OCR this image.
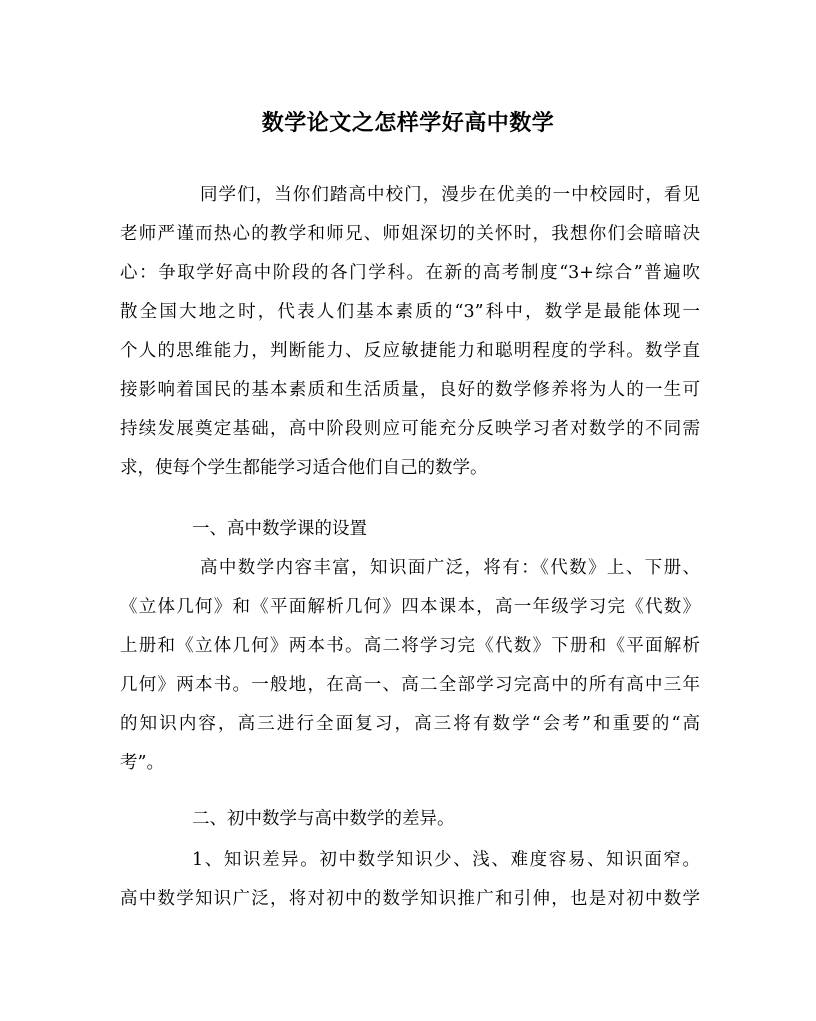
数学论文之怎样学好高中数学
同学们，当你们踏高中校门，漫步在优美的一中校园时，看见
老师严谨而热心的教学和师兄、师姐深切的关怀时，我想你们会暗暗决
心：争取学好高中阶段的各门学科。在新的高考制度“3+综合”普遍吹
散全国大地之时，代表人们基本素质的“3”科中，数学是最能体现一
个人的思维能力，判断能力、反应敏捷能力和聪明程度的学科。数学直
接影响着国民的基本素质和生活质量，良好的数学修养将为人的一生可
持续发展奠定基础，高中阶段则应可能充分反映学习者对数学的不同需
求，使每个学生都能学习适合他们自己的数学。
一、高中数学课的设置
高中数学内容丰富，知识面广泛，将有：《代数》上、下册、
《立体几何》和《平面解析几何》四本课本，高一年级学习完《代数》
上册和《立体几何》两本书。高二将学习完《代数》下册和《平面解析
几何》两本书。一般地，在高一、高二全部学习完高中的所有高中三年
的知识内容，高三进行全面复习，高三将有数学“会考”和重要的“高
考”。
二、初中数学与高中数学的差异。
1、知识差异。初中数学知识少、浅、难度容易、知识面窄。
高中数学知识广泛，将对初中的数学知识推广和引伸，也是对初中数学
